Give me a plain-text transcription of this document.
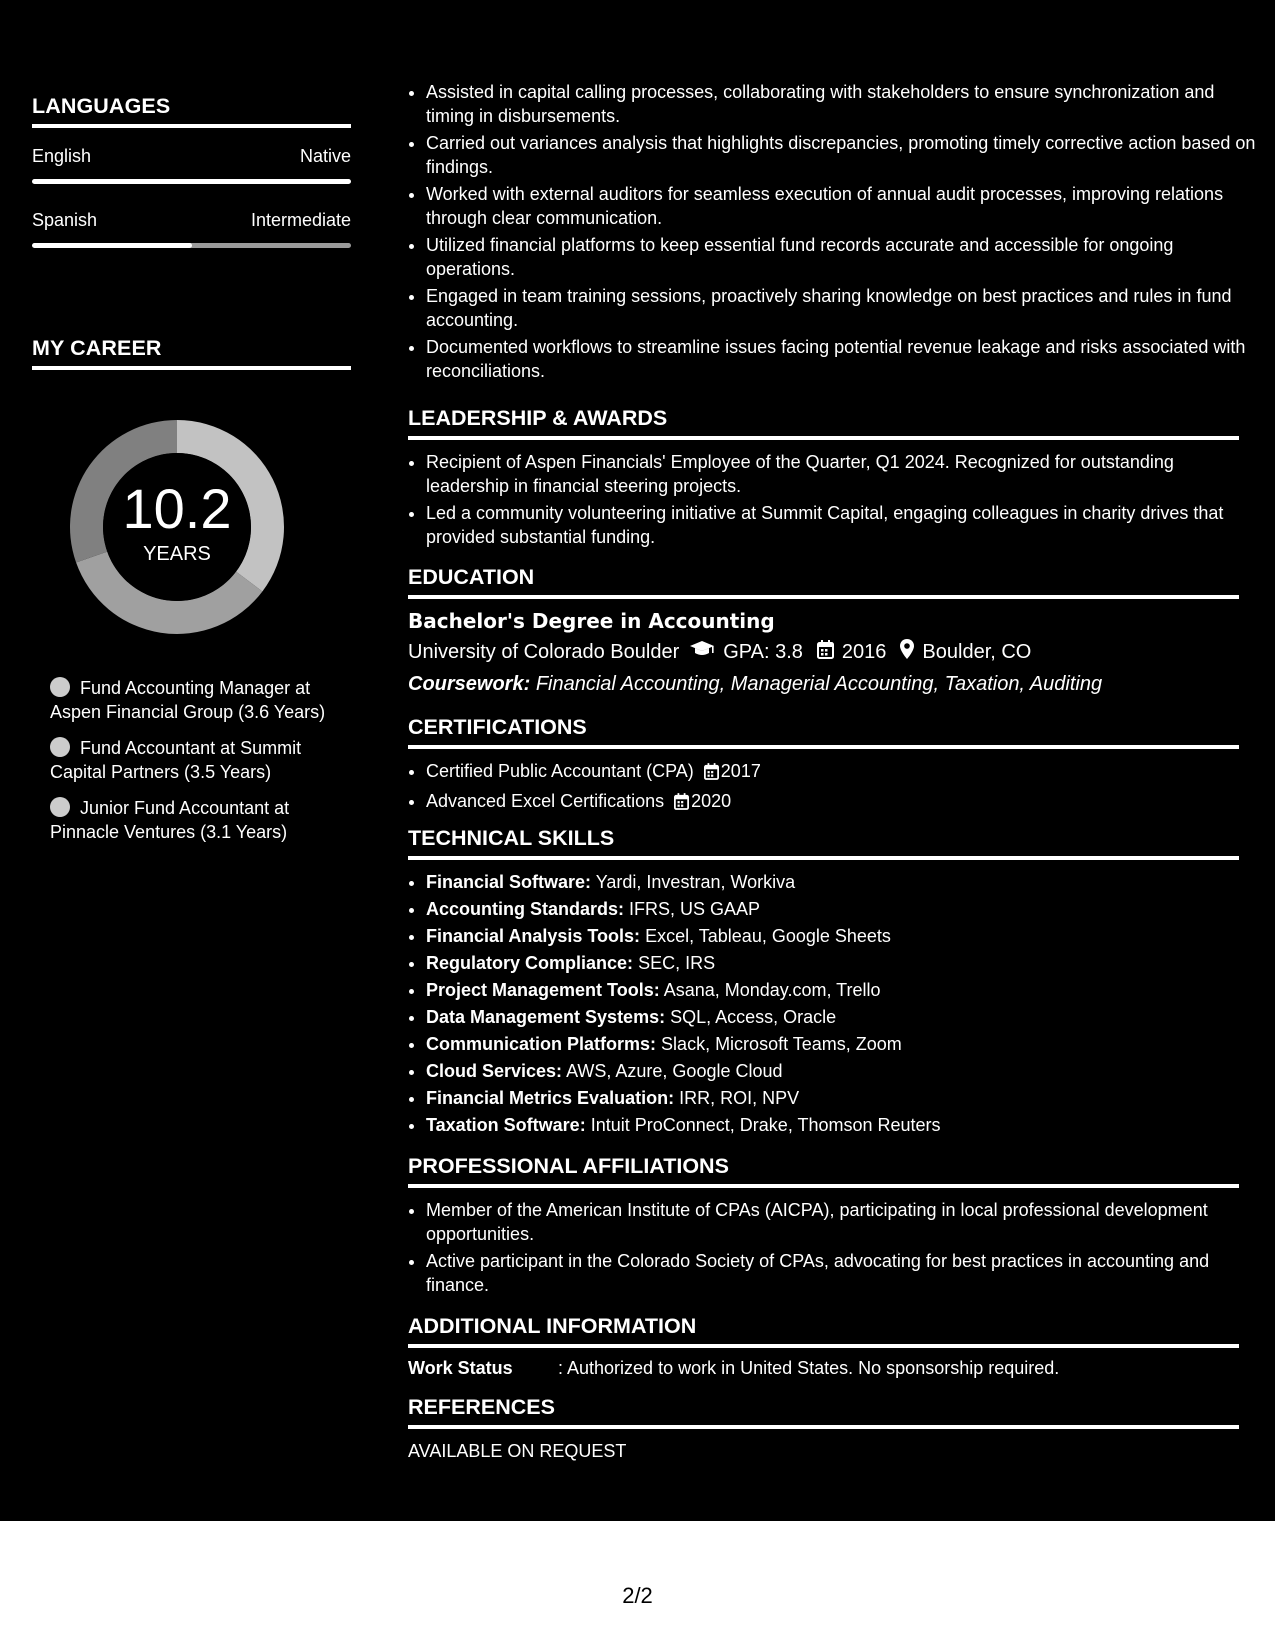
LANGUAGES
English	Native
Spanish	Intermediate
MY CAREER
10.2
YEARS
Fund Accounting Manager at Aspen Financial Group (3.6 Years)
Fund Accountant at Summit Capital Partners (3.5 Years)
Junior Fund Accountant at Pinnacle Ventures (3.1 Years)
• Assisted in capital calling processes, collaborating with stakeholders to ensure synchronization and timing in disbursements.
• Carried out variances analysis that highlights discrepancies, promoting timely corrective action based on findings.
• Worked with external auditors for seamless execution of annual audit processes, improving relations through clear communication.
• Utilized financial platforms to keep essential fund records accurate and accessible for ongoing operations.
• Engaged in team training sessions, proactively sharing knowledge on best practices and rules in fund accounting.
• Documented workflows to streamline issues facing potential revenue leakage and risks associated with reconciliations.
LEADERSHIP & AWARDS
• Recipient of Aspen Financials' Employee of the Quarter, Q1 2024. Recognized for outstanding leadership in financial steering projects.
• Led a community volunteering initiative at Summit Capital, engaging colleagues in charity drives that provided substantial funding.
EDUCATION
Bachelor's Degree in Accounting
University of Colorado Boulder GPA: 3.8 2016 Boulder, CO
Coursework: Financial Accounting, Managerial Accounting, Taxation, Auditing
CERTIFICATIONS
• Certified Public Accountant (CPA) 2017
• Advanced Excel Certifications 2020
TECHNICAL SKILLS
• Financial Software: Yardi, Investran, Workiva
• Accounting Standards: IFRS, US GAAP
• Financial Analysis Tools: Excel, Tableau, Google Sheets
• Regulatory Compliance: SEC, IRS
• Project Management Tools: Asana, Monday.com, Trello
• Data Management Systems: SQL, Access, Oracle
• Communication Platforms: Slack, Microsoft Teams, Zoom
• Cloud Services: AWS, Azure, Google Cloud
• Financial Metrics Evaluation: IRR, ROI, NPV
• Taxation Software: Intuit ProConnect, Drake, Thomson Reuters
PROFESSIONAL AFFILIATIONS
• Member of the American Institute of CPAs (AICPA), participating in local professional development opportunities.
• Active participant in the Colorado Society of CPAs, advocating for best practices in accounting and finance.
ADDITIONAL INFORMATION
Work Status	: Authorized to work in United States. No sponsorship required.
REFERENCES
AVAILABLE ON REQUEST
2/2
